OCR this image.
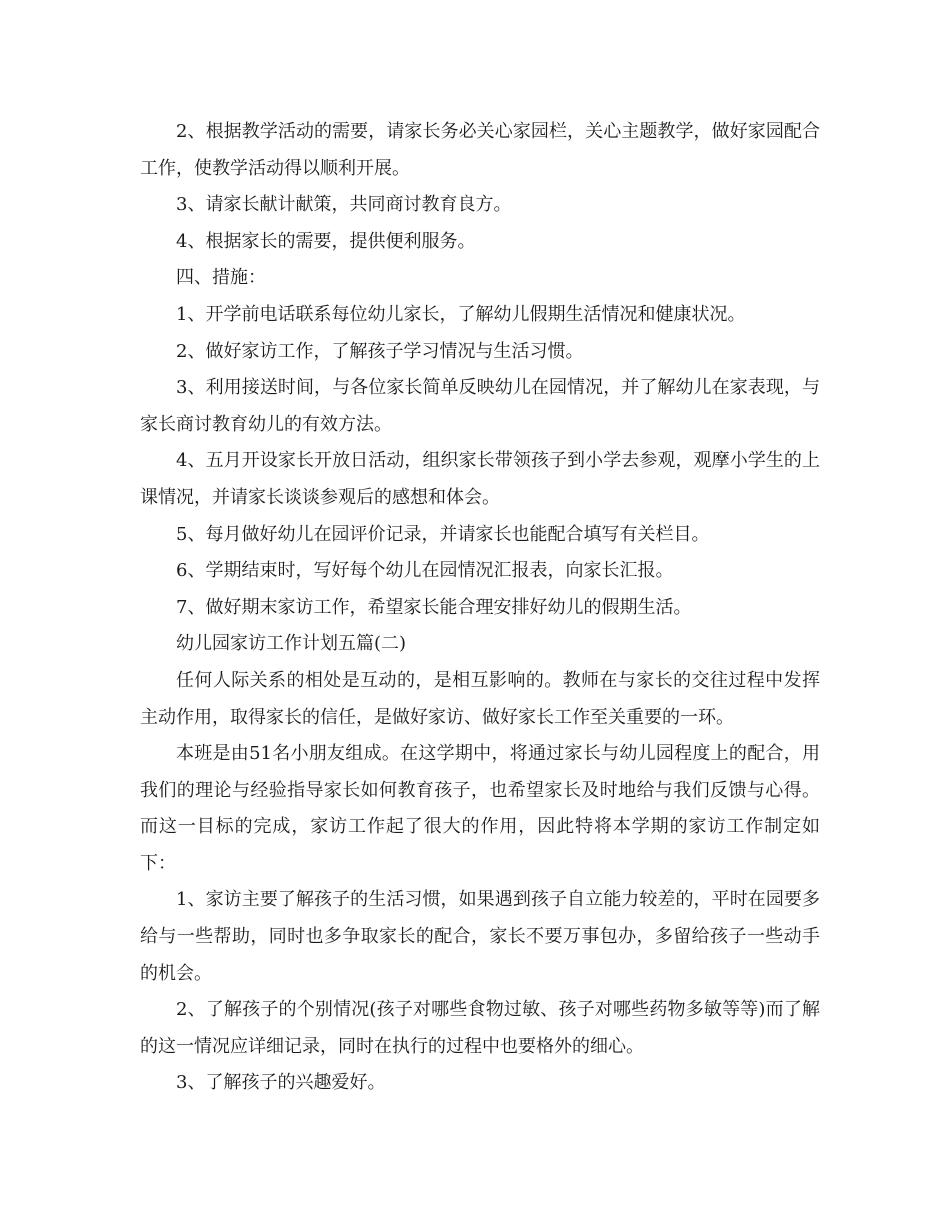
2、根据教学活动的需要，请家长务必关心家园栏，关心主题教学，做好家园配合工作，使教学活动得以顺利开展。

3、请家长献计献策，共同商讨教育良方。

4、根据家长的需要，提供便利服务。

四、措施：

1、开学前电话联系每位幼儿家长，了解幼儿假期生活情况和健康状况。

2、做好家访工作，了解孩子学习情况与生活习惯。

3、利用接送时间，与各位家长简单反映幼儿在园情况，并了解幼儿在家表现，与家长商讨教育幼儿的有效方法。

4、五月开设家长开放日活动，组织家长带领孩子到小学去参观，观摩小学生的上课情况，并请家长谈谈参观后的感想和体会。

5、每月做好幼儿在园评价记录，并请家长也能配合填写有关栏目。

6、学期结束时，写好每个幼儿在园情况汇报表，向家长汇报。

7、做好期末家访工作，希望家长能合理安排好幼儿的假期生活。

幼儿园家访工作计划五篇(二)

任何人际关系的相处是互动的，是相互影响的。教师在与家长的交往过程中发挥主动作用，取得家长的信任，是做好家访、做好家长工作至关重要的一环。

本班是由51名小朋友组成。在这学期中，将通过家长与幼儿园程度上的配合，用我们的理论与经验指导家长如何教育孩子，也希望家长及时地给与我们反馈与心得。而这一目标的完成，家访工作起了很大的作用，因此特将本学期的家访工作制定如下：

1、家访主要了解孩子的生活习惯，如果遇到孩子自立能力较差的，平时在园要多给与一些帮助，同时也多争取家长的配合，家长不要万事包办，多留给孩子一些动手的机会。

2、了解孩子的个别情况(孩子对哪些食物过敏、孩子对哪些药物多敏等等)而了解的这一情况应详细记录，同时在执行的过程中也要格外的细心。

3、了解孩子的兴趣爱好。
